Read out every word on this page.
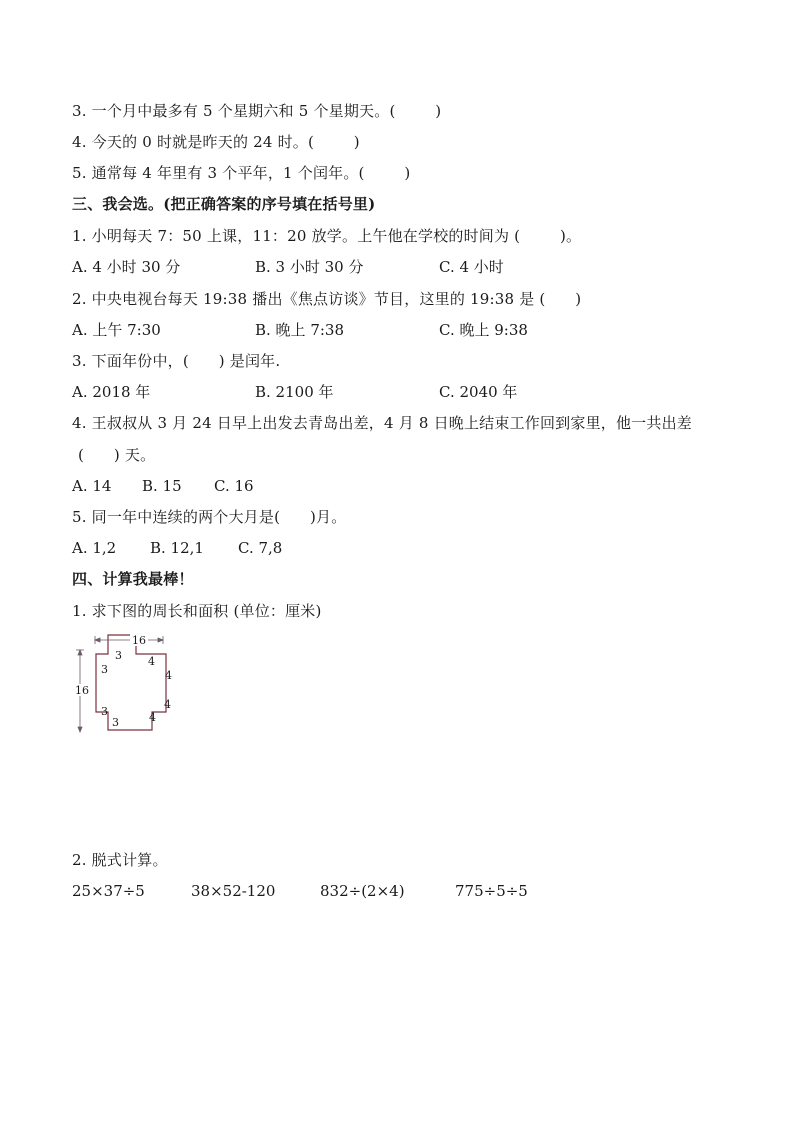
3. 一个月中最多有 5 个星期六和 5 个星期天。(        )
4. 今天的 0 时就是昨天的 24 时。(        )
5. 通常每 4 年里有 3 个平年，1 个闰年。(        )
三、我会选。(把正确答案的序号填在括号里)
1. 小明每天 7：50 上课，11：20 放学。上午他在学校的时间为 (        )。
A. 4 小时 30 分	B. 3 小时 30 分	C. 4 小时
2. 中央电视台每天 19:38 播出《焦点访谈》节目，这里的 19:38 是 (      )
A. 上午 7:30	B. 晚上 7:38	C. 晚上 9:38
3. 下面年份中，(      ) 是闰年.
A. 2018 年	B. 2100 年	C. 2040 年
4. 王叔叔从 3 月 24 日早上出发去青岛出差，4 月 8 日晚上结束工作回到家里，他一共出差
(      ) 天。
A. 14 B. 15 C. 16
5. 同一年中连续的两个大月是(      )月。
A. 1,2 B. 12,1 C. 7,8
四、计算我最棒！
1. 求下图的周长和面积 (单位：厘米)
16
16
3
3
4
4
4
4
3
3
2. 脱式计算。
25×37÷5	38×52-120	832÷(2×4)	775÷5÷5
